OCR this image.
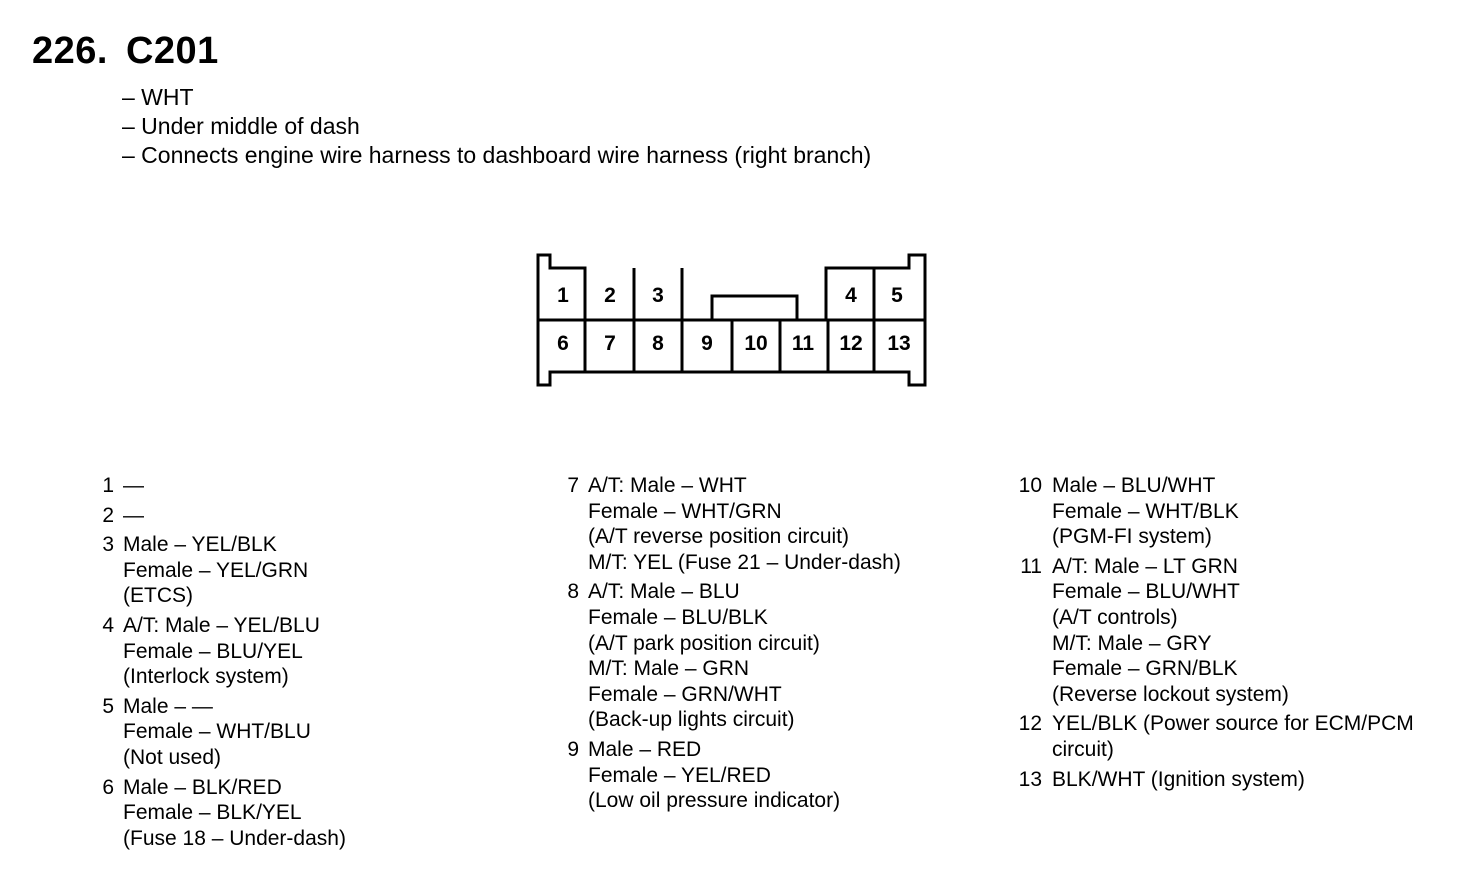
226. C201
– WHT
– Under middle of dash
– Connects engine wire harness to dashboard wire harness (right branch)
1 2 3	4 5
6 7 8 9 10 11 12 13
1 —
2 —
3 Male – YEL/BLK
Female – YEL/GRN
(ETCS)
4 A/T: Male – YEL/BLU
Female – BLU/YEL
(Interlock system)
5 Male – —
Female – WHT/BLU
(Not used)
6 Male – BLK/RED
Female – BLK/YEL
(Fuse 18 – Under-dash)
7 A/T: Male – WHT
Female – WHT/GRN
(A/T reverse position circuit)
M/T: YEL (Fuse 21 – Under-dash)
8 A/T: Male – BLU
Female – BLU/BLK
(A/T park position circuit)
M/T: Male – GRN
Female – GRN/WHT
(Back-up lights circuit)
9 Male – RED
Female – YEL/RED
(Low oil pressure indicator)
10 Male – BLU/WHT
Female – WHT/BLK
(PGM-FI system)
11 A/T: Male – LT GRN
Female – BLU/WHT
(A/T controls)
M/T: Male – GRY
Female – GRN/BLK
(Reverse lockout system)
12 YEL/BLK (Power source for ECM/PCM
circuit)
13 BLK/WHT (Ignition system)
